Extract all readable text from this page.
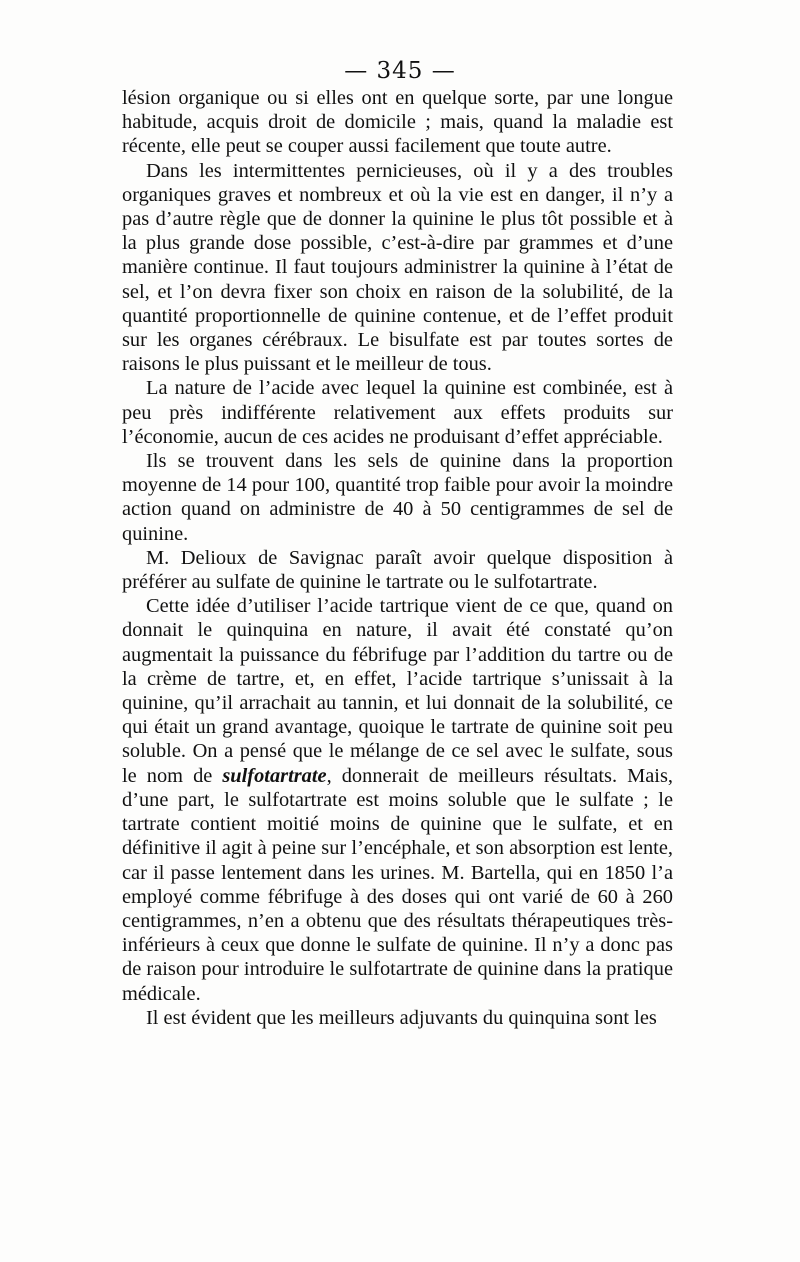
— 345 —

lésion organique ou si elles ont en quelque sorte, par une longue habitude, acquis droit de domicile ; mais, quand la maladie est récente, elle peut se couper aussi facilement que toute autre.

Dans les intermittentes pernicieuses, où il y a des troubles organiques graves et nombreux et où la vie est en danger, il n’y a pas d’autre règle que de donner la quinine le plus tôt possible et à la plus grande dose possible, c’est-à-dire par grammes et d’une manière continue. Il faut toujours administrer la quinine à l’état de sel, et l’on devra fixer son choix en raison de la solubilité, de la quantité proportionnelle de quinine contenue, et de l’effet produit sur les organes cérébraux. Le bisulfate est par toutes sortes de raisons le plus puissant et le meilleur de tous.

La nature de l’acide avec lequel la quinine est combinée, est à peu près indifférente relativement aux effets produits sur l’économie, aucun de ces acides ne produisant d’effet appréciable.

Ils se trouvent dans les sels de quinine dans la proportion moyenne de 14 pour 100, quantité trop faible pour avoir la moindre action quand on administre de 40 à 50 centigrammes de sel de quinine.

M. Delioux de Savignac paraît avoir quelque disposition à préférer au sulfate de quinine le tartrate ou le sulfotartrate.

Cette idée d’utiliser l’acide tartrique vient de ce que, quand on donnait le quinquina en nature, il avait été constaté qu’on augmentait la puissance du fébrifuge par l’addition du tartre ou de la crème de tartre, et, en effet, l’acide tartrique s’unissait à la quinine, qu’il arrachait au tannin, et lui donnait de la solubilité, ce qui était un grand avantage, quoique le tartrate de quinine soit peu soluble. On a pensé que le mélange de ce sel avec le sulfate, sous le nom de sulfotartrate, donnerait de meilleurs résultats. Mais, d’une part, le sulfotartrate est moins soluble que le sulfate ; le tartrate contient moitié moins de quinine que le sulfate, et en définitive il agit à peine sur l’encéphale, et son absorption est lente, car il passe lentement dans les urines. M. Bartella, qui en 1850 l’a employé comme fébrifuge à des doses qui ont varié de 60 à 260 centigrammes, n’en a obtenu que des résultats thérapeutiques très-inférieurs à ceux que donne le sulfate de quinine. Il n’y a donc pas de raison pour introduire le sulfotartrate de quinine dans la pratique médicale.

Il est évident que les meilleurs adjuvants du quinquina sont les
